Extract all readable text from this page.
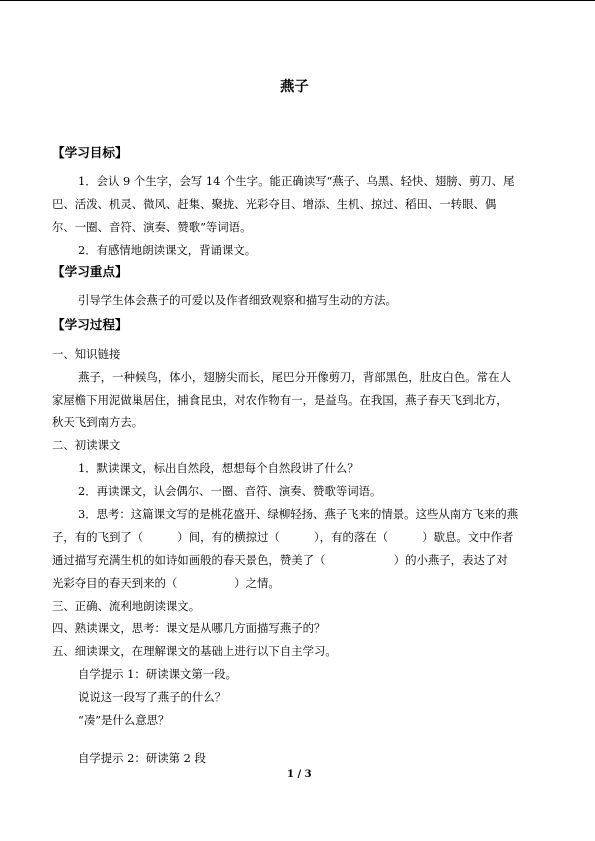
燕子
【学习目标】
1．会认 9 个生字，会写 14 个生字。能正确读写“燕子、乌黑、轻快、翅膀、剪刀、尾
巴、活泼、机灵、微风、赶集、聚拢、光彩夺目、增添、生机、掠过、稻田、一转眼、偶
尔、一圈、音符、演奏、赞歌”等词语。
2．有感情地朗读课文，背诵课文。
【学习重点】
引导学生体会燕子的可爱以及作者细致观察和描写生动的方法。
【学习过程】
一、知识链接
燕子，一种候鸟，体小，翅膀尖而长，尾巴分开像剪刀，背部黑色，肚皮白色。常在人
家屋檐下用泥做巢居住，捕食昆虫，对农作物有一，是益鸟。在我国，燕子春天飞到北方，
秋天飞到南方去。
二、初读课文
1．默读课文，标出自然段，想想每个自然段讲了什么？
2．再读课文，认会偶尔、一圈、音符、演奏、赞歌等词语。
3．思考：这篇课文写的是桃花盛开、绿柳轻扬、燕子飞来的情景。这些从南方飞来的燕
子，有的飞到了（　　　）间，有的横掠过（　　　），有的落在（　　　）歇息。文中作者
通过描写充满生机的如诗如画般的春天景色，赞美了（　　　　　　）的小燕子，表达了对
光彩夺目的春天到来的（　　　　　）之情。
三、正确、流利地朗读课文。
四、熟读课文，思考：课文是从哪几方面描写燕子的？
五、细读课文，在理解课文的基础上进行以下自主学习。
自学提示 1：研读课文第一段。
说说这一段写了燕子的什么？
“凑”是什么意思？
自学提示 2：研读第 2 段
1 / 3
